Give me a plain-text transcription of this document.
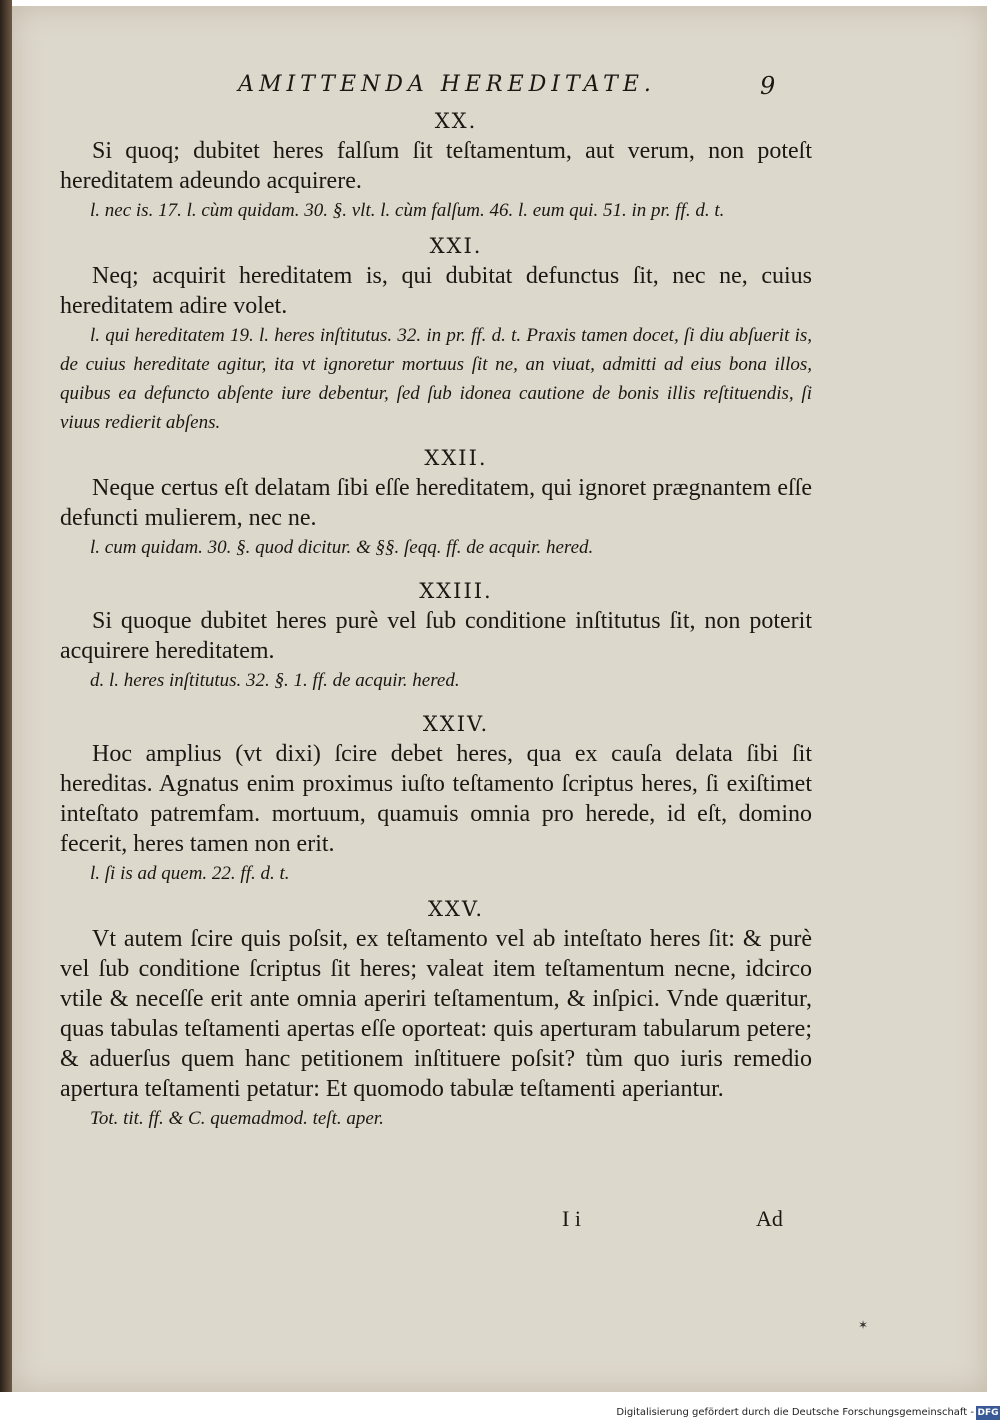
AMITTENDA HEREDITATE.	9
XX.

Si quoq; dubitet heres falſum ſit teſtamentum, aut verum, non poteſt hereditatem adeundo acquirere.

l. nec is. 17. l. cùm quidam. 30. §. vlt. l. cùm falſum. 46. l. eum qui. 51. in pr. ff. d. t.

XXI.

Neq; acquirit hereditatem is, qui dubitat defunctus ſit, nec ne, cuius hereditatem adire volet.

l. qui hereditatem 19. l. heres inſtitutus. 32. in pr. ff. d. t. Praxis tamen docet, ſi diu abſuerit is, de cuius hereditate agitur, ita vt ignoretur mortuus ſit ne, an viuat, admitti ad eius bona illos, quibus ea defuncto abſente iure debentur, ſed ſub idonea cautione de bonis illis reſtituendis, ſi viuus redierit abſens.

XXII.

Neque certus eſt delatam ſibi eſſe hereditatem, qui ignoret prægnantem eſſe defuncti mulierem, nec ne.

l. cum quidam. 30. §. quod dicitur. & §§. ſeqq. ff. de acquir. hered.

XXIII.

Si quoque dubitet heres purè vel ſub conditione inſtitutus ſit, non poterit acquirere hereditatem.

d. l. heres inſtitutus. 32. §. 1. ff. de acquir. hered.

XXIV.

Hoc amplius (vt dixi) ſcire debet heres, qua ex cauſa delata ſibi ſit hereditas. Agnatus enim proximus iuſto teſtamento ſcriptus heres, ſi exiſtimet inteſtato patremfam. mortuum, quamuis omnia pro herede, id eſt, domino fecerit, heres tamen non erit.

l. ſi is ad quem. 22. ff. d. t.

XXV.

Vt autem ſcire quis poſsit, ex teſtamento vel ab inteſtato heres ſit: & purè vel ſub conditione ſcriptus ſit heres; valeat item teſtamentum necne, idcirco vtile & neceſſe erit ante omnia aperiri teſtamentum, & inſpici. Vnde quæritur, quas tabulas teſtamenti apertas eſſe oporteat: quis aperturam tabularum petere; & aduerſus quem hanc petitionem inſtituere poſsit? tùm quo iuris remedio apertura teſtamenti petatur: Et quomodo tabulæ teſtamenti aperiantur.

Tot. tit. ff. & C. quemadmod. teſt. aper.

I i	Ad
✶
Digitalisierung gefördert durch die Deutsche Forschungsgemeinschaft - DFG
